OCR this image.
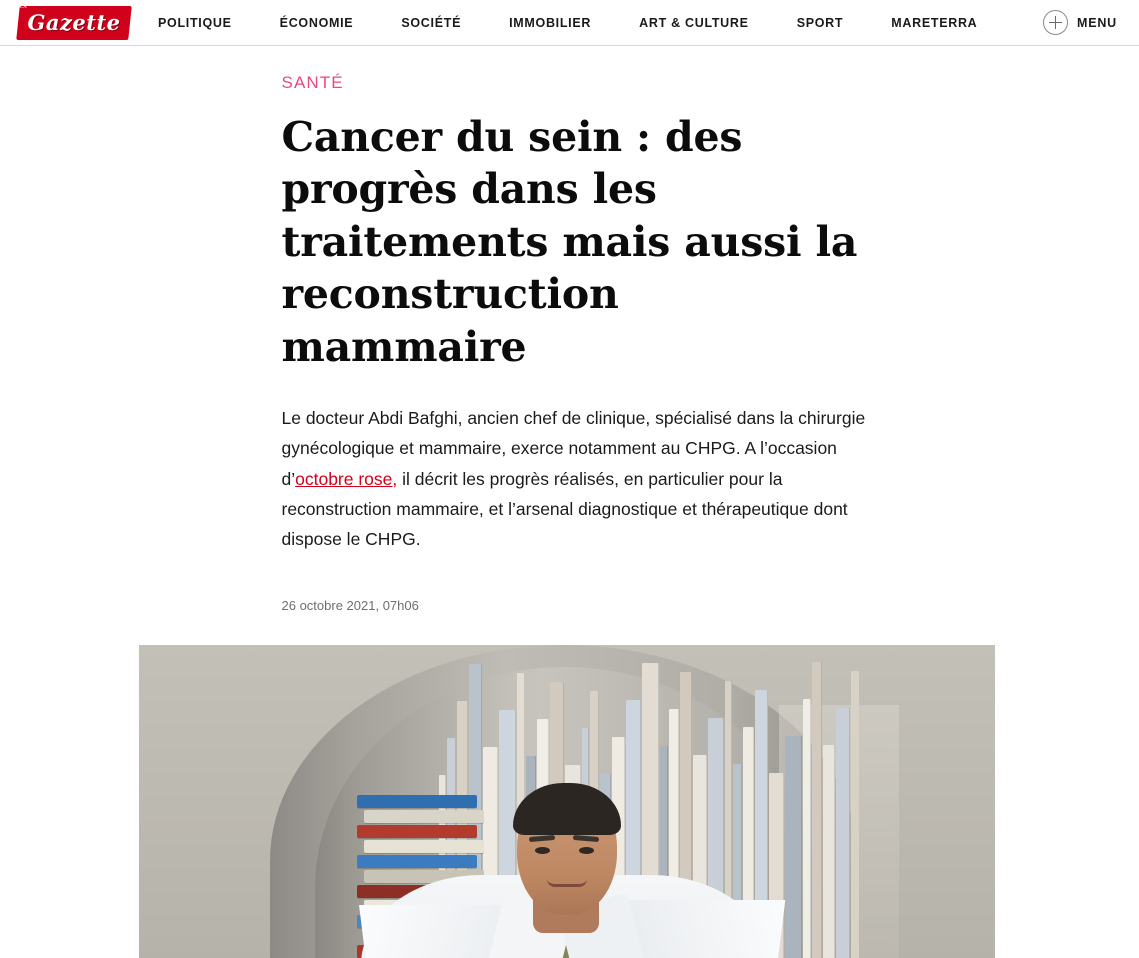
LA
Gazette	POLITIQUE	ÉCONOMIE	SOCIÉTÉ	IMMOBILIER	ART & CULTURE	SPORT	MARETERRA	MENU
SANTÉ
Cancer du sein : des progrès dans les traitements mais aussi la reconstruction mammaire

Le docteur Abdi Bafghi, ancien chef de clinique, spécialisé dans la chirurgie gynécologique et mammaire, exerce notamment au CHPG. A l’occasion d’octobre rose, il décrit les progrès réalisés, en particulier pour la reconstruction mammaire, et l’arsenal diagnostique et thérapeutique dont dispose le CHPG.

26 octobre 2021, 07h06
